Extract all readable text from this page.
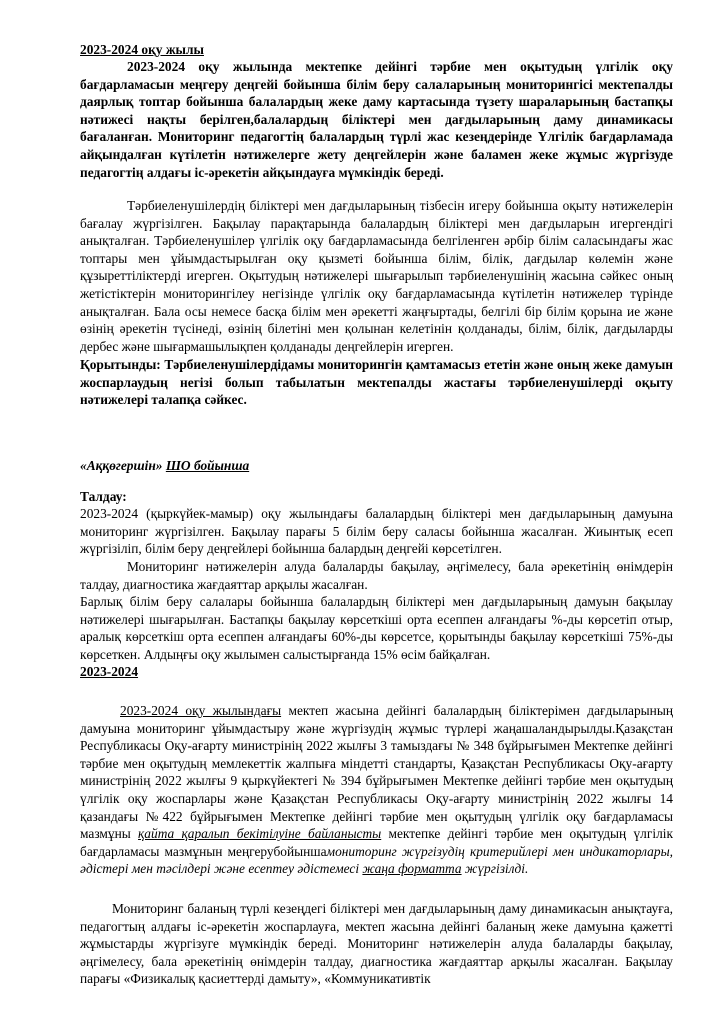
2023-2024 оқу жылы

2023-2024 оқу жылында мектепке дейінгі тәрбие мен оқытудың үлгілік оқу бағдарламасын меңгеру деңгейі бойынша білім беру салаларының мониторингісі мектепалды даярлық топтар бойынша балалардың жеке даму картасында түзету шараларының бастапқы нәтижесі нақты берілген,балалардың біліктері мен дағдыларының даму динамикасы бағаланған. Мониторинг педагогтің балалардың түрлі жас кезеңдерінде Үлгілік бағдарламада айқындалған күтілетін нәтижелерге жету деңгейлерін және баламен жеке жұмыс жүргізуде педагогтің алдағы іс-әрекетін айқындауға мүмкіндік береді.

Тәрбиеленушілердің біліктері мен дағдыларының тізбесін игеру бойынша оқыту нәтижелерін бағалау жүргізілген. Бақылау парақтарында балалардың біліктері мен дағдыларын игергендігі анықталған. Тәрбиеленушілер үлгілік оқу бағдарламасында белгіленген әрбір білім саласындағы жас топтары мен ұйымдастырылған оқу қызметі бойынша білім, білік, дағдылар көлемін және құзыреттіліктерді игерген. Оқытудың нәтижелері шығарылып тәрбиеленушінің жасына сәйкес оның жетістіктерін мониторингілеу негізінде үлгілік оқу бағдарламасында күтілетін нәтижелер түрінде анықталған. Бала осы немесе басқа білім мен әрекетті жаңғыртады, белгілі бір білім қорына ие және өзінің әрекетін түсінеді, өзінің білетіні мен қолынан келетінін қолданады, білім, білік, дағдыларды дербес және шығармашылықпен қолданады деңгейлерін игерген.

Қорытынды: Тәрбиеленушілердідамы мониторингін қамтамасыз ететін және оның жеке дамуын жоспарлаудың негізі болып табылатын мектепалды жастағы тәрбиеленушілерді оқыту нәтижелері талапқа сәйкес.

«Аққөгершін» ШО бойынша
Талдау:

2023-2024 (қыркүйек-мамыр) оқу жылындағы балалардың біліктері мен дағдыларының дамуына мониторинг жүргізілген. Бақылау парағы 5 білім беру саласы бойынша жасалған. Жиынтық есеп жүргізіліп, білім беру деңгейлері бойынша балардың деңгейі көрсетілген.

Мониторинг нәтижелерін алуда балаларды бақылау, әңгімелесу, бала әрекетінің өнімдерін талдау, диагностика жағдаяттар арқылы жасалған.

Барлық білім беру салалары бойынша балалардың біліктері мен дағдыларының дамуын бақылау нәтижелері шығарылған. Бастапқы бақылау көрсеткіші орта есеппен алғандағы %-ды көрсетіп отыр, аралық көрсеткіш орта есеппен алғандағы 60%-ды көрсетсе, қорытынды бақылау көрсеткіші 75%-ды көрсеткен. Алдыңғы оқу жылымен салыстырғанда 15% өсім байқалған.

2023-2024

2023-2024 оқу жылындағы мектеп жасына дейінгі балалардың біліктерімен дағдыларының дамуына мониторинг ұйымдастыру және жүргізудің жұмыс түрлері жаңашаландырылды.Қазақстан Республикасы Оқу-ағарту министрінің 2022 жылғы 3 тамыздағы № 348 бұйрығымен Мектепке дейінгі тәрбие мен оқытудың мемлекеттік жалпыға міндетті стандарты, Қазақстан Республикасы Оқу-ағарту министрінің 2022 жылғы 9 қыркүйектегі № 394 бұйрығымен Мектепке дейінгі тәрбие мен оқытудың үлгілік оқу жоспарлары және Қазақстан Республикасы Оқу-ағарту министрінің 2022 жылғы 14 қазандағы №422 бұйрығымен Мектепке дейінгі тәрбие мен оқытудың үлгілік оқу бағдарламасы мазмұны қайта қаралып бекітілуіне байланысты мектепке дейінгі тәрбие мен оқытудың үлгілік бағдарламасы мазмұнын меңгерубойыншамониторинг жүргізудің критерийлері мен индикаторлары, әдістері мен тәсілдері және есептеу әдістемесі жаңа форматта жүргізілді.

Мониторинг баланың түрлі кезеңдегі біліктері мен дағдыларының даму динамикасын анықтауға, педагогтың алдағы іс-әрекетін жоспарлауға, мектеп жасына дейінгі баланың жеке дамуына қажетті жұмыстарды жүргізуге мүмкіндік береді. Мониторинг нәтижелерін алуда балаларды бақылау, әңгімелесу, бала әрекетінің өнімдерін талдау, диагностика жағдаяттар арқылы жасалған. Бақылау парағы «Физикалық қасиеттерді дамыту», «Коммуникативтік
